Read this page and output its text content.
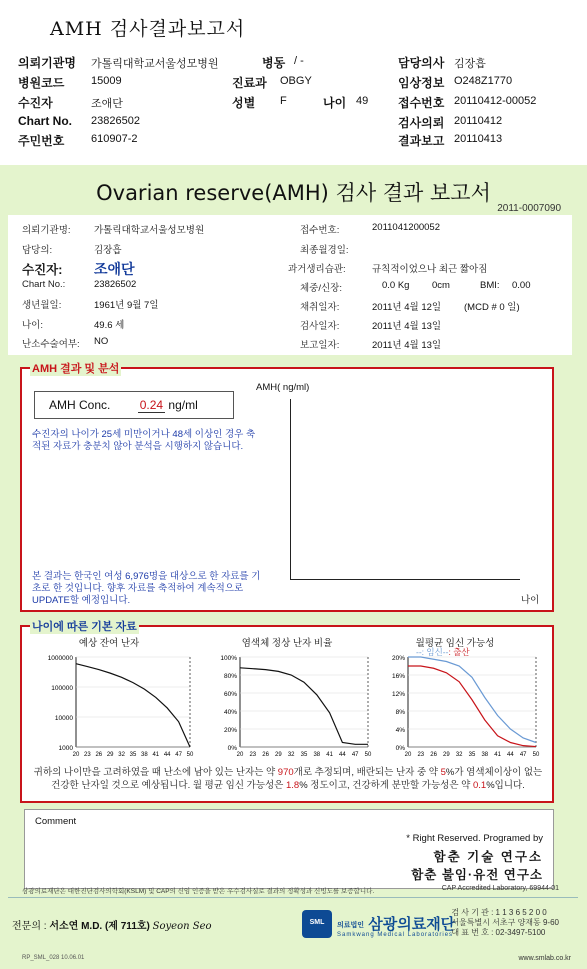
AMH 검사결과보고서
의뢰기관명 가톨릭대학교서울성모병원	병동 / -	담당의사 김장흡
병원코드 15009	진료과 OBGY	임상정보 O248Z1770
수진자	조애단	성별 F	나이 49 접수번호 20110412-00052
Chart No. 23826502	검사의뢰 20110412
주민번호 610907-2	결과보고 20110413
Ovarian reserve(AMH) 검사 결과 보고서
2011-0007090
의뢰기관명: 가톨릭대학교서울성모병원
담당의:	김장흡
수진자: 조애단
Chart No.:	23826502
생년월일:	1961년 9월 7일
나이:	49.6 세
난소수술여부: NO
접수번호:	2011041200052
최종월경일:
과거생리습관:	규칙적이었으나 최근 짧아짐
체중/신장:	0.0 Kg 0cm	BMI: 0.00
채취일자:	2011년 4월 12일 (MCD # 0 일)
검사일자:	2011년 4월 13일
보고일자:	2011년 4월 13일
AMH 결과 및 분석
AMH Conc. 0.24 ng/ml
수진자의 나이가 25세 미만이거나 48세 이상인 경우 축적된 자료가 충분치 않아 분석을 시행하지 않습니다.
본 결과는 한국인 여성 6,976명을 대상으로 한 자료를 기초로 한 것입니다. 향후 자료를 축적하여 계속적으로 UPDATE할 예정입니다.
AMH( ng/ml)
나이
나이에 따른 기본 자료
예상 잔여 난자
1000000
100000
10000
1000
20 23 26 29 32 35 38 41 44 47 50
염색체 정상 난자 비율
100%
80%
60%
40%
20%
0%
20 23 26 29 32 35 38 41 44 47 50
월평균 임신 가능성
--: 임신--: 출산
20%
16%
12%
8%
4%
0%
20 23 26 29 32 35 38 41 44 47 50
귀하의 나이만을 고려하였을 때 난소에 남아 있는 난자는 약 970개로 추정되며, 배란되는 난자 중 약 5%가 염색체이상이 없는 건강한 난자일 것으로 예상됩니다. 월 평균 임신 가능성은 1.8% 정도이고, 건강하게 분만할 가능성은 약 0.1%입니다.
Comment
* Right Reserved. Programed by
함춘 기술 연구소
함춘 불임·유전 연구소
삼광의료재단은 대한진단검사의학회(KSLM) 및 CAP의 신임 인증을 받은 우수검사실로 결과의 정확성과 신빙도를 보증합니다.	CAP Accredited Laboratory, 69944-01
전문의 : 서소연 M.D. (제 711호) Soyeon Seo	SML	의료법인 삼광의료재단
Samkwang Medical Laboratories
검 사 기 관 : 1 1 3 6 5 2 0 0
서울특별시 서초구 양재동 9-60
대 표 번 호 : 02-3497-5100
RP_SML_028 10.06.01	www.smlab.co.kr
